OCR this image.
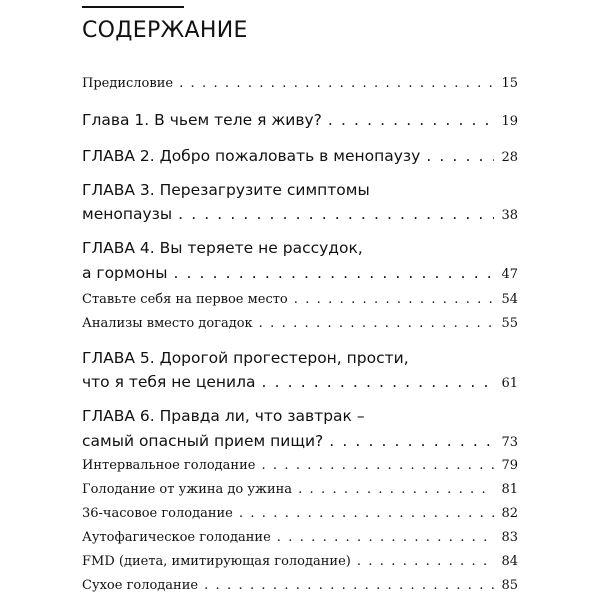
СОДЕРЖАНИЕ
Предисловие . . .	15
Глава 1. В чьем теле я живу? . . .	19
ГЛАВА 2. Добро пожаловать в менопаузу . . .	28
ГЛАВА 3. Перезагрузите симптомы
менопаузы . . .	38
ГЛАВА 4. Вы теряете не рассудок,
а гормоны . . .	47
Ставьте себя на первое место . . .	54
Анализы вместо догадок . . .	55
ГЛАВА 5. Дорогой прогестерон, прости,
что я тебя не ценила . . .	61
ГЛАВА 6. Правда ли, что завтрак –
самый опасный прием пищи? . . .	73
Интервальное голодание . . .	79
Голодание от ужина до ужина . . .	81
36-часовое голодание . . .	82
Аутофагическое голодание . . .	83
FMD (диета, имитирующая голодание) . . .	84
Сухое голодание . . .	85
